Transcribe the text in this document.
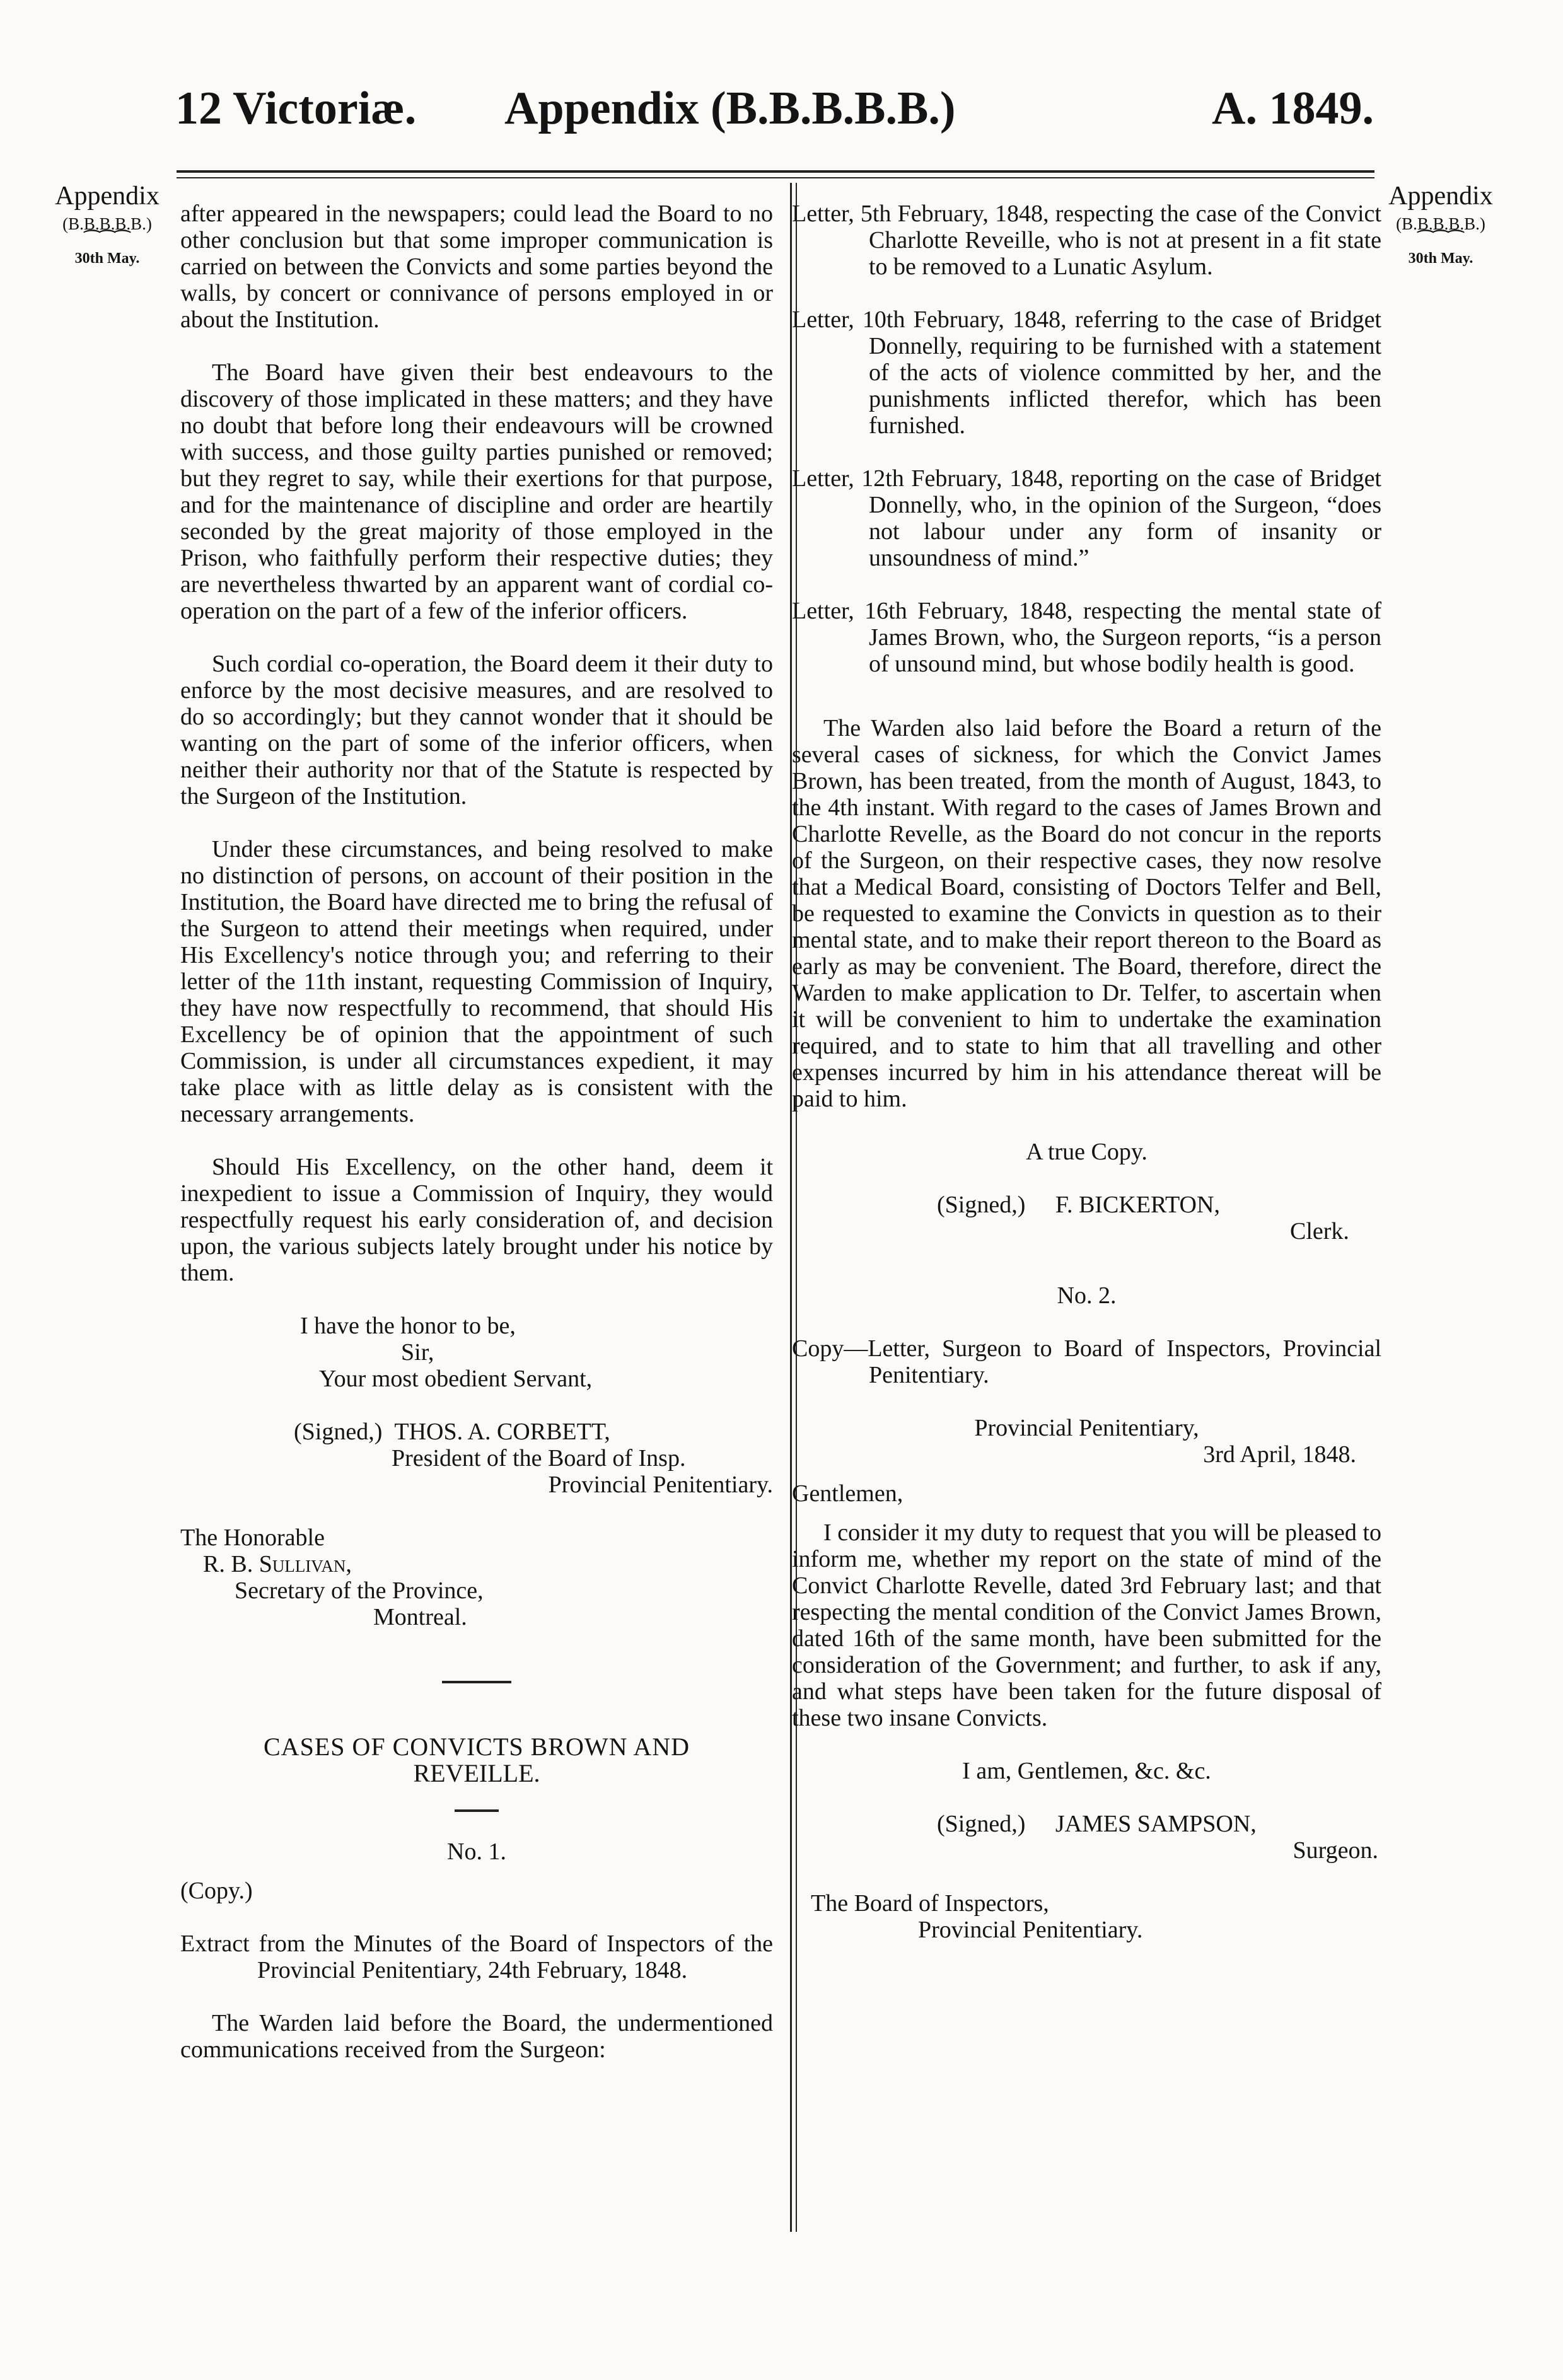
12 Victoriæ. Appendix (B.B.B.B.B.)	A. 1849.
Appendix
(B.B.B.B.B.)
⁀⁀⁀
30th May.
Appendix
(B.B.B.B.B.)
⁀⁀⁀
30th May.

after appeared in the newspapers; could lead the Board to no other conclusion but that some improper communication is carried on between the Convicts and some parties beyond the walls, by concert or connivance of persons employed in or about the Institution.

The Board have given their best endeavours to the discovery of those implicated in these matters; and they have no doubt that before long their endeavours will be crowned with success, and those guilty parties punished or removed; but they regret to say, while their exertions for that purpose, and for the maintenance of discipline and order are heartily seconded by the great majority of those employed in the Prison, who faithfully perform their respective duties; they are nevertheless thwarted by an apparent want of cordial co-operation on the part of a few of the inferior officers.

Such cordial co-operation, the Board deem it their duty to enforce by the most decisive measures, and are resolved to do so accordingly; but they cannot wonder that it should be wanting on the part of some of the inferior officers, when neither their authority nor that of the Statute is respected by the Surgeon of the Institution.

Under these circumstances, and being resolved to make no distinction of persons, on account of their position in the Institution, the Board have directed me to bring the refusal of the Surgeon to attend their meetings when required, under His Excellency's notice through you; and referring to their letter of the 11th instant, requesting Commission of Inquiry, they have now respectfully to recommend, that should His Excellency be of opinion that the appointment of such Commission, is under all circumstances expedient, it may take place with as little delay as is consistent with the necessary arrangements.

Should His Excellency, on the other hand, deem it inexpedient to issue a Commission of Inquiry, they would respectfully request his early consideration of, and decision upon, the various subjects lately brought under his notice by them.

I have the honor to be,

Sir,

Your most obedient Servant,

(Signed,) THOS. A. CORBETT,

President of the Board of Insp.

Provincial Penitentiary.

The Honorable

R. B. Sullivan,

Secretary of the Province,

Montreal.

CASES OF CONVICTS BROWN AND

REVEILLE.

No. 1.

(Copy.)

Extract from the Minutes of the Board of Inspectors of the Provincial Penitentiary, 24th February, 1848.

The Warden laid before the Board, the undermentioned communications received from the Surgeon:

Letter, 5th February, 1848, respecting the case of the Convict Charlotte Reveille, who is not at present in a fit state to be removed to a Lunatic Asylum.

Letter, 10th February, 1848, referring to the case of Bridget Donnelly, requiring to be furnished with a statement of the acts of violence committed by her, and the punishments inflicted therefor, which has been furnished.

Letter, 12th February, 1848, reporting on the case of Bridget Donnelly, who, in the opinion of the Surgeon, “does not labour under any form of insanity or unsoundness of mind.”

Letter, 16th February, 1848, respecting the mental state of James Brown, who, the Surgeon reports, “is a person of unsound mind, but whose bodily health is good.

The Warden also laid before the Board a return of the several cases of sickness, for which the Convict James Brown, has been treated, from the month of August, 1843, to the 4th instant. With regard to the cases of James Brown and Charlotte Revelle, as the Board do not concur in the reports of the Surgeon, on their respective cases, they now resolve that a Medical Board, consisting of Doctors Telfer and Bell, be requested to examine the Convicts in question as to their mental state, and to make their report thereon to the Board as early as may be convenient. The Board, therefore, direct the Warden to make application to Dr. Telfer, to ascertain when it will be convenient to him to undertake the examination required, and to state to him that all travelling and other expenses incurred by him in his attendance thereat will be paid to him.

A true Copy.

(Signed,) F. BICKERTON,

Clerk.

No. 2.

Copy—Letter, Surgeon to Board of Inspectors, Provincial Penitentiary.

Provincial Penitentiary,

3rd April, 1848.

Gentlemen,

I consider it my duty to request that you will be pleased to inform me, whether my report on the state of mind of the Convict Charlotte Revelle, dated 3rd February last; and that respecting the mental condition of the Convict James Brown, dated 16th of the same month, have been submitted for the consideration of the Government; and further, to ask if any, and what steps have been taken for the future disposal of these two insane Convicts.

I am, Gentlemen, &c. &c.

(Signed,) JAMES SAMPSON,

Surgeon.

The Board of Inspectors,

Provincial Penitentiary.
